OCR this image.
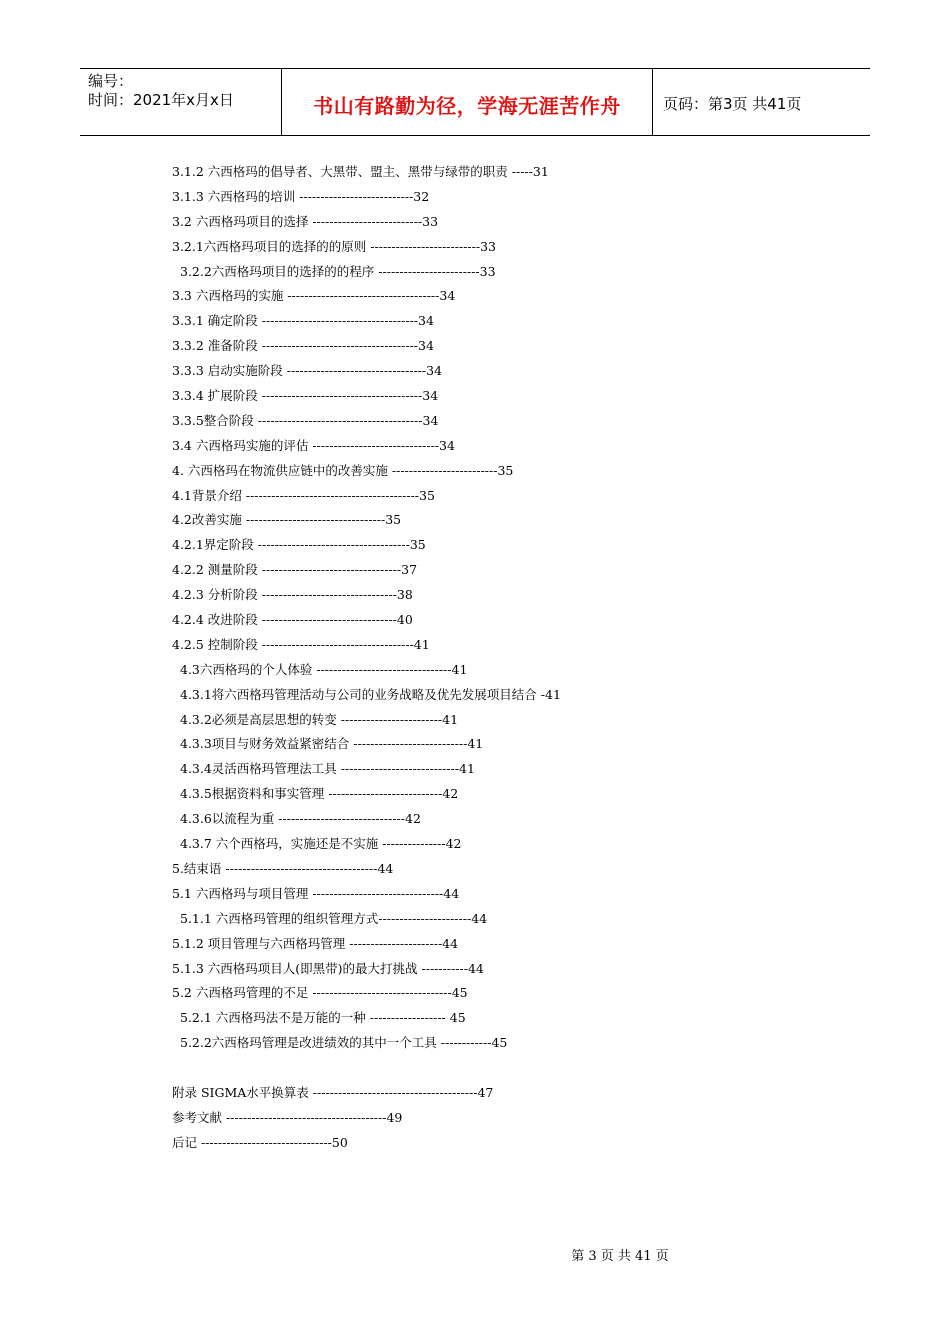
编号：
时间：2021年x月x日	书山有路勤为径，学海无涯苦作舟	页码：第3页 共41页
3.1.2 六西格玛的倡导者、大黑带、盟主、黑带与绿带的职责 -----31
3.1.3 六西格玛的培训 ---------------------------32
3.2 六西格玛项目的选择 --------------------------33
3.2.1六西格玛项目的选择的的原则 --------------------------33
3.2.2六西格玛项目的选择的的程序 ------------------------33
3.3 六西格玛的实施 ------------------------------------34
3.3.1 确定阶段 -------------------------------------34
3.3.2 准备阶段 -------------------------------------34
3.3.3 启动实施阶段 ---------------------------------34
3.3.4 扩展阶段 --------------------------------------34
3.3.5整合阶段 ---------------------------------------34
3.4 六西格玛实施的评估 ------------------------------34
4. 六西格玛在物流供应链中的改善实施 -------------------------35
4.1背景介绍 -----------------------------------------35
4.2改善实施 ---------------------------------35
4.2.1界定阶段 ------------------------------------35
4.2.2 测量阶段 ---------------------------------37
4.2.3 分析阶段 --------------------------------38
4.2.4 改进阶段 --------------------------------40
4.2.5 控制阶段 ------------------------------------41
4.3六西格玛的个人体验 --------------------------------41
4.3.1将六西格玛管理活动与公司的业务战略及优先发展项目结合 -41
4.3.2必须是高层思想的转变 ------------------------41
4.3.3项目与财务效益紧密结合 ---------------------------41
4.3.4灵活西格玛管理法工具 ----------------------------41
4.3.5根据资料和事实管理 ---------------------------42
4.3.6以流程为重 ------------------------------42
4.3.7 六个西格玛，实施还是不实施 ---------------42
5.结束语 ------------------------------------44
5.1 六西格玛与项目管理 -------------------------------44
5.1.1 六西格玛管理的组织管理方式----------------------44
5.1.2 项目管理与六西格玛管理 ----------------------44
5.1.3 六西格玛项目人(即黑带)的最大打挑战 -----------44
5.2 六西格玛管理的不足 ---------------------------------45
5.2.1 六西格玛法不是万能的一种 ------------------ 45
5.2.2六西格玛管理是改进绩效的其中一个工具 ------------45
附录 SIGMA水平换算表 ---------------------------------------47
参考文献 --------------------------------------49
后记 -------------------------------50
第 3 页 共 41 页
